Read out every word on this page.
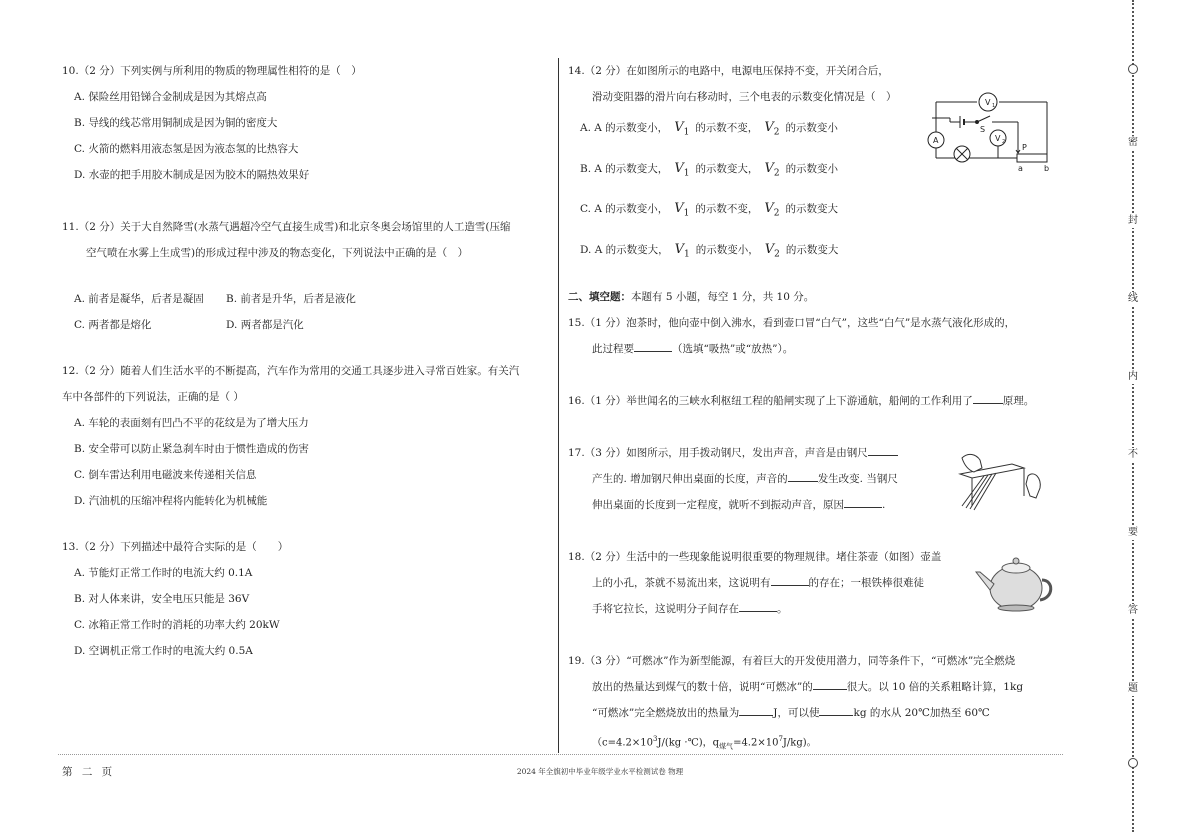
10.（2 分）下列实例与所利用的物质的物理属性相符的是（　）
A. 保险丝用铅锑合金制成是因为其熔点高
B. 导线的线芯常用铜制成是因为铜的密度大
C. 火箭的燃料用液态氢是因为液态氢的比热容大
D. 水壶的把手用胶木制成是因为胶木的隔热效果好
11.（2 分）关于大自然降雪(水蒸气遇超冷空气直接生成雪)和北京冬奥会场馆里的人工造雪(压缩
空气喷在水雾上生成雪)的形成过程中涉及的物态变化，下列说法中正确的是（　）
A. 前者是凝华，后者是凝固	B. 前者是升华，后者是液化
C. 两者都是熔化	D. 两者都是汽化
12.（2 分）随着人们生活水平的不断提高，汽车作为常用的交通工具逐步进入寻常百姓家。有关汽
车中各部件的下列说法，正确的是（ ）
A. 车轮的表面刻有凹凸不平的花纹是为了增大压力
B. 安全带可以防止紧急刹车时由于惯性造成的伤害
C. 倒车雷达利用电磁波来传递相关信息
D. 汽油机的压缩冲程将内能转化为机械能
13.（2 分）下列描述中最符合实际的是（　　）
A. 节能灯正常工作时的电流大约 0.1A
B. 对人体来讲，安全电压只能是 36V
C. 冰箱正常工作时的消耗的功率大约 20kW
D. 空调机正常工作时的电流大约 0.5A
14.（2 分）在如图所示的电路中，电源电压保持不变，开关闭合后，
滑动变阻器的滑片向右移动时，三个电表的示数变化情况是（　）
A. A 的示数变小， $V_1$ 的示数不变， $V_2$ 的示数变小
B. A 的示数变大， $V_1$ 的示数变大， $V_2$ 的示数变小
C. A 的示数变小， $V_1$ 的示数不变， $V_2$ 的示数变大
D. A 的示数变大， $V_1$ 的示数变小， $V_2$ 的示数变大
二、填空题：本题有 5 小题，每空 1 分，共 10 分。
15.（1 分）泡茶时，他向壶中倒入沸水，看到壶口冒“白气”，这些“白气”是水蒸气液化形成的，
此过程要	（选填“吸热”或“放热”）。
16.（1 分）举世闻名的三峡水利枢纽工程的船闸实现了上下游通航，船闸的工作利用了	原理。
17.（3 分）如图所示，用手拨动钢尺，发出声音，声音是由钢尺
产生的. 增加钢尺伸出桌面的长度，声音的	发生改变. 当钢尺
伸出桌面的长度到一定程度，就听不到振动声音，原因	.
18.（2 分）生活中的一些现象能说明很重要的物理规律。堵住茶壶（如图）壶盖
上的小孔，茶就不易流出来，这说明有	的存在；一根铁棒很难徒
手将它拉长，这说明分子间存在	。
19.（3 分）“可燃冰”作为新型能源，有着巨大的开发使用潜力，同等条件下，“可燃冰”完全燃烧
放出的热量达到煤气的数十倍，说明“可燃冰”的	很大。以 10 倍的关系粗略计算，1kg
“可燃冰”完全燃烧放出的热量为	J，可以使	kg 的水从 20℃加热至 60℃
（$c=4.2\times 10^3J/(kg$ ·℃)，$q_{煤气}=4.2\times 10^7J/kg$)。
V 1
A
S
V 2
P
a	b
第 二 页	2024 年全旗初中毕业年级学业水平检测试卷 物理
密
封
线
内
不
要
答
题
